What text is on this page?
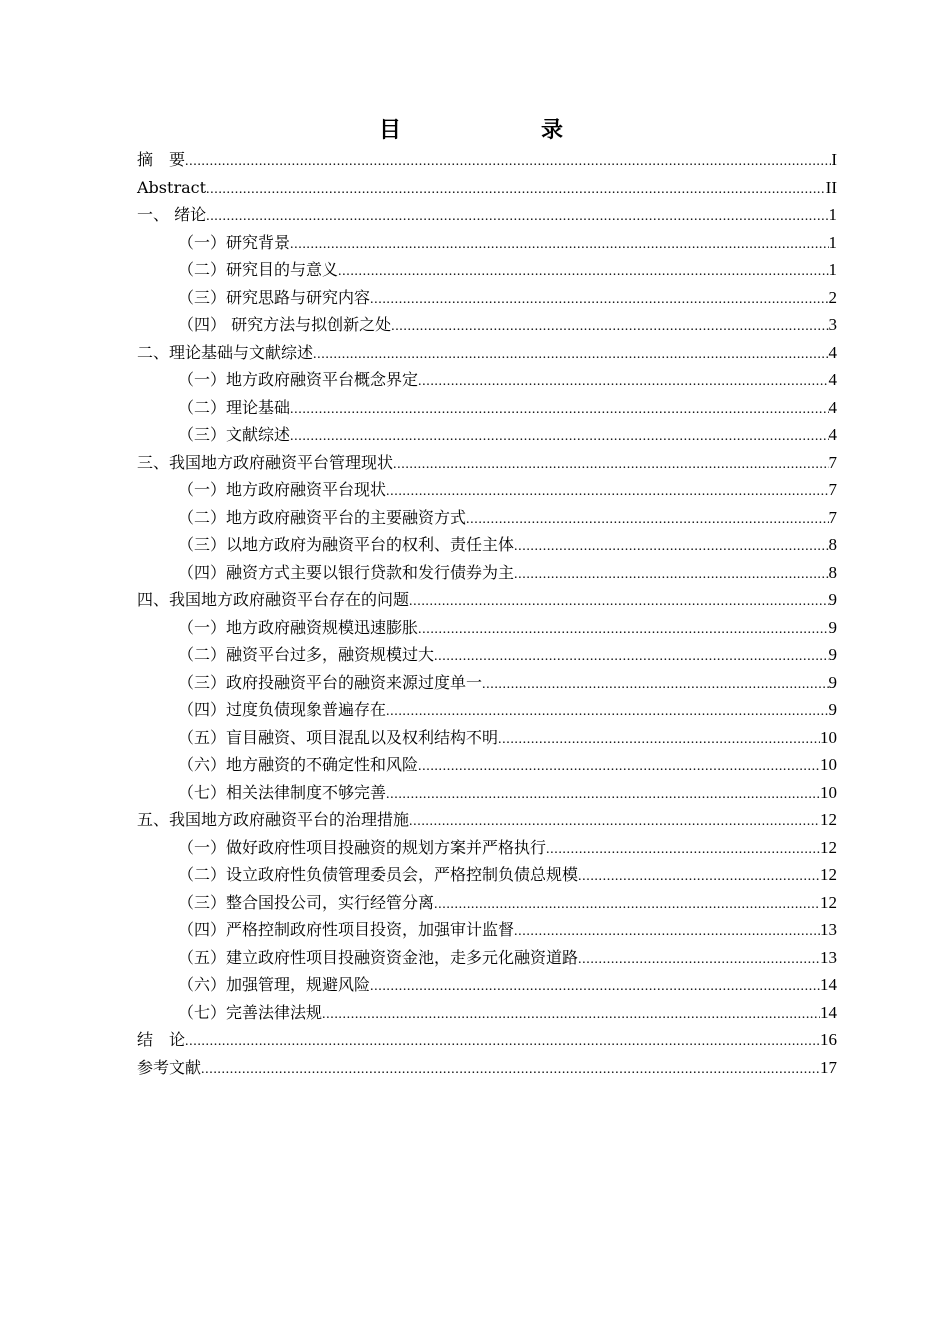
目　　录
摘　要 .....	I
Abstract .....	II
一、 绪论 .....	1
（一）研究背景 .....	1
（二）研究目的与意义 .....	1
（三）研究思路与研究内容 .....	2
（四） 研究方法与拟创新之处 .....	3
二、理论基础与文献综述 .....	4
（一）地方政府融资平台概念界定 .....	4
（二）理论基础 .....	4
（三）文献综述 .....	4
三、我国地方政府融资平台管理现状 .....	7
（一）地方政府融资平台现状 .....	7
（二）地方政府融资平台的主要融资方式 .....	7
（三）以地方政府为融资平台的权利、责任主体 .....	8
（四）融资方式主要以银行贷款和发行债券为主 .....	8
四、我国地方政府融资平台存在的问题 .....	9
（一）地方政府融资规模迅速膨胀 .....	9
（二）融资平台过多，融资规模过大 .....	9
（三）政府投融资平台的融资来源过度单一 .....	9
（四）过度负债现象普遍存在 .....	9
（五）盲目融资、项目混乱以及权利结构不明 .....	10
（六）地方融资的不确定性和风险 .....	10
（七）相关法律制度不够完善 .....	10
五、我国地方政府融资平台的治理措施 .....	12
（一）做好政府性项目投融资的规划方案并严格执行 .....	12
（二）设立政府性负债管理委员会，严格控制负债总规模 .....	12
（三）整合国投公司，实行经管分离 .....	12
（四）严格控制政府性项目投资，加强审计监督 .....	13
（五）建立政府性项目投融资资金池，走多元化融资道路 .....	13
（六）加强管理，规避风险 .....	14
（七）完善法律法规 .....	14
结　论 .....	16
参考文献 .....	17
